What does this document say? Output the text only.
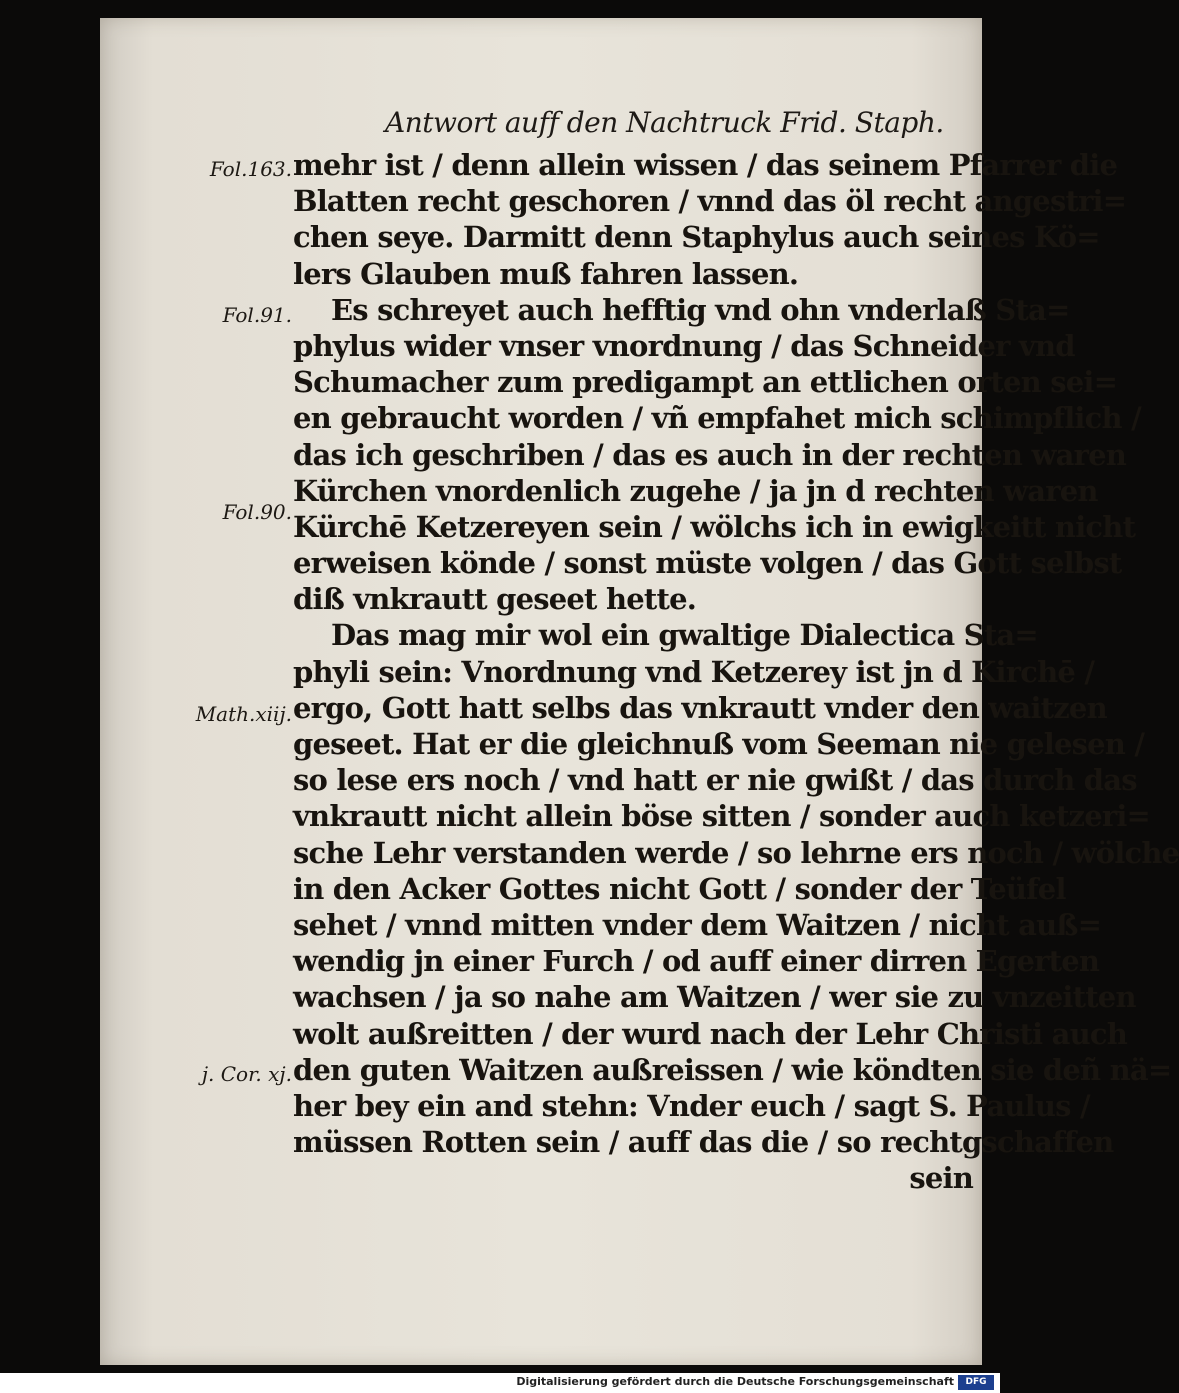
Antwort auff den Nachtruck Frid. Staph.
Fol.163.
Fol.91.
Fol.90.
Math.xiij.
j. Cor. xj.
mehr ist / denn allein wissen / das seinem Pfarrer die
Blatten recht geschoren / vnnd das öl recht angestri=
chen seye. Darmitt denn Staphylus auch seines Kö=
lers Glauben muß fahren lassen.
Es schreyet auch hefftig vnd ohn vnderlaß Sta=
phylus wider vnser vnordnung / das Schneider vnd
Schumacher zum predigampt an ettlichen orten sei=
en gebraucht worden / vñ empfahet mich schimpflich /
das ich geschriben / das es auch in der rechten waren
Kürchen vnordenlich zugehe / ja jn d rechten waren
Kürchē Ketzereyen sein / wölchs ich in ewigkeitt nicht
erweisen könde / sonst müste volgen / das Gott selbst
diß vnkrautt geseet hette.
Das mag mir wol ein gwaltige Dialectica Sta=
phyli sein: Vnordnung vnd Ketzerey ist jn d Kirchē /
ergo, Gott hatt selbs das vnkrautt vnder den waitzen
geseet. Hat er die gleichnuß vom Seeman nie gelesen /
so lese ers noch / vnd hatt er nie gwißt / das durch das
vnkrautt nicht allein böse sitten / sonder auch ketzeri=
sche Lehr verstanden werde / so lehrne ers noch / wölche
in den Acker Gottes nicht Gott / sonder der Teüfel
sehet / vnnd mitten vnder dem Waitzen / nicht auß=
wendig jn einer Furch / od auff einer dirren Egerten
wachsen / ja so nahe am Waitzen / wer sie zu vnzeitten
wolt außreitten / der wurd nach der Lehr Christi auch
den guten Waitzen außreissen / wie köndten sie deñ nä=
her bey ein and stehn: Vnder euch / sagt S. Paulus /
müssen Rotten sein / auff das die / so rechtgschaffen
sein
Digitalisierung gefördert durch die Deutsche Forschungsgemeinschaft	DFG
